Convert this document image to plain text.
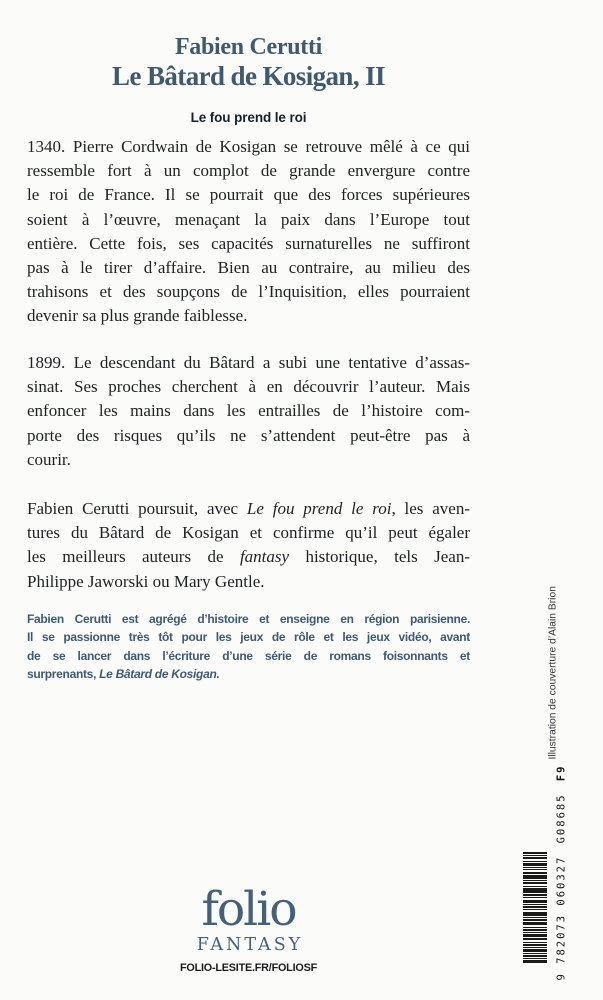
Fabien Cerutti
Le Bâtard de Kosigan, II
Le fou prend le roi
1340. Pierre Cordwain de Kosigan se retrouve mêlé à ce qui
ressemble fort à un complot de grande envergure contre
le roi de France. Il se pourrait que des forces supérieures
soient à l’œuvre, menaçant la paix dans l’Europe tout
entière. Cette fois, ses capacités surnaturelles ne suffiront
pas à le tirer d’affaire. Bien au contraire, au milieu des
trahisons et des soupçons de l’Inquisition, elles pourraient
devenir sa plus grande faiblesse.
1899. Le descendant du Bâtard a subi une tentative d’assas-
sinat. Ses proches cherchent à en découvrir l’auteur. Mais
enfoncer les mains dans les entrailles de l’histoire com-
porte des risques qu’ils ne s’attendent peut-être pas à
courir.
Fabien Cerutti poursuit, avec Le fou prend le roi, les aven-
tures du Bâtard de Kosigan et confirme qu’il peut égaler
les meilleurs auteurs de fantasy historique, tels Jean-
Philippe Jaworski ou Mary Gentle.
Fabien Cerutti est agrégé d’histoire et enseigne en région parisienne.
Il se passionne très tôt pour les jeux de rôle et les jeux vidéo, avant
de se lancer dans l’écriture d’une série de romans foisonnants et
surprenants, Le Bâtard de Kosigan.
folio
FANTASY
FOLIO-LESITE.FR/FOLIOSF
Illustration de couverture d’Alain Brion
9 782073 060327
G08685
F9
